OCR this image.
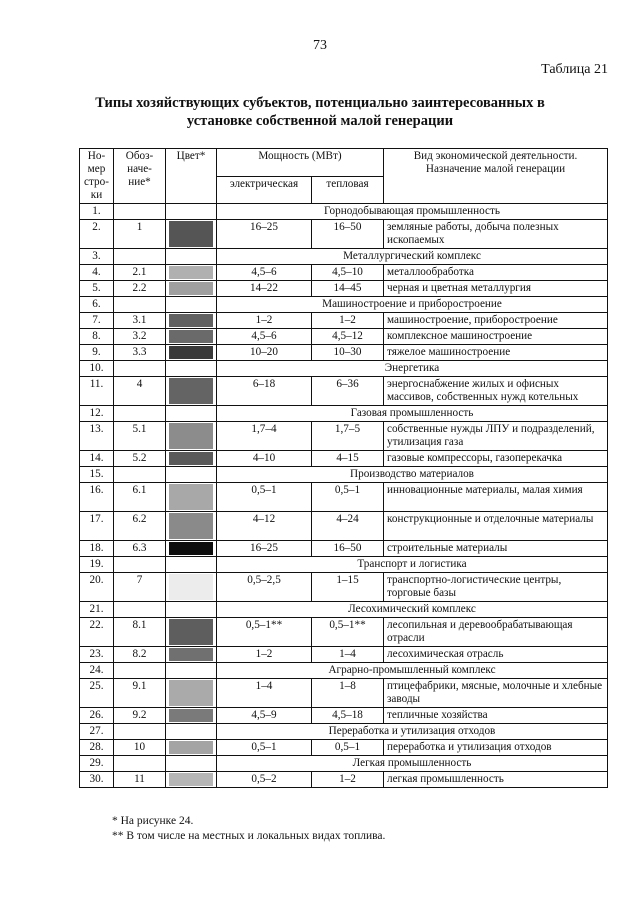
73
Таблица 21
Типы хозяйствующих субъектов, потенциально заинтересованных в установке собственной малой генерации
Но-мер стро-ки	Обоз-наче-ние*	Цвет*	Мощность (МВт)		Вид экономической деятельности. Назначение малой генерации
			электрическая	тепловая	
1.			Горнодобывающая промышленность		
2.	1		16–25	16–50	земляные работы, добыча полезных ископаемых
3.			Металлургический комплекс		
4.	2.1		4,5–6	4,5–10	металлообработка
5.	2.2		14–22	14–45	черная и цветная металлургия
6.			Машиностроение и приборостроение		
7.	3.1		1–2	1–2	машиностроение, приборостроение
8.	3.2		4,5–6	4,5–12	комплексное машиностроение
9.	3.3		10–20	10–30	тяжелое машиностроение
10.			Энергетика		
11.	4		6–18	6–36	энергоснабжение жилых и офисных массивов, собственных нужд котельных
12.			Газовая промышленность		
13.	5.1		1,7–4	1,7–5	собственные нужды ЛПУ и подразделений, утилизация газа
14.	5.2		4–10	4–15	газовые компрессоры, газоперекачка
15.			Производство материалов		
16.	6.1		0,5–1	0,5–1	инновационные материалы, малая химия
17.	6.2		4–12	4–24	конструкционные и отделочные материалы
18.	6.3		16–25	16–50	строительные материалы
19.			Транспорт и логистика		
20.	7		0,5–2,5	1–15	транспортно-логистические центры, торговые базы
21.			Лесохимический комплекс		
22.	8.1		0,5–1**	0,5–1**	лесопильная и деревообрабатывающая отрасли
23.	8.2		1–2	1–4	лесохимическая отрасль
24.			Аграрно-промышленный комплекс		
25.	9.1		1–4	1–8	птицефабрики, мясные, молочные и хлебные заводы
26.	9.2		4,5–9	4,5–18	тепличные хозяйства
27.			Переработка и утилизация отходов		
28.	10		0,5–1	0,5–1	переработка и утилизация отходов
29.			Легкая промышленность		
30.	11		0,5–2	1–2	легкая промышленность
* На рисунке 24.
** В том числе на местных и локальных видах топлива.
